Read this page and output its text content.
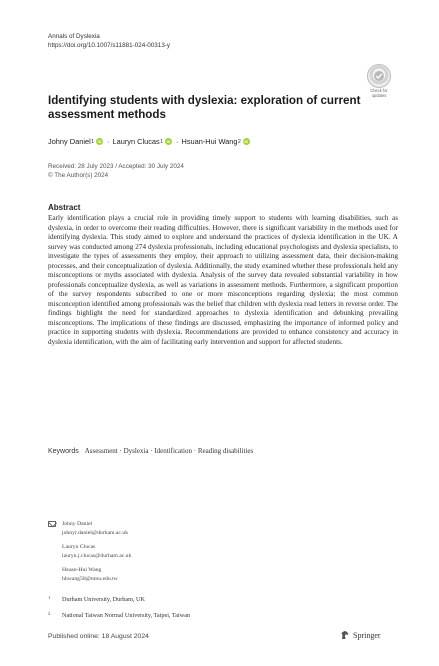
Annals of Dyslexia
https://doi.org/10.1007/s11881-024-00313-y
Check for
updates
Identifying students with dyslexia: exploration of current assessment methods
Johny Daniel 1 iD · Lauryn Clucas 1 iD · Hsuan-Hui Wang 2 iD
Received: 28 July 2023 / Accepted: 30 July 2024
© The Author(s) 2024
Abstract

Early identification plays a crucial role in providing timely support to students with learning disabilities, such as dyslexia, in order to overcome their reading difficulties. However, there is significant variability in the methods used for identifying dyslexia. This study aimed to explore and understand the practices of dyslexia identification in the UK. A survey was conducted among 274 dyslexia professionals, including educational psychologists and dyslexia specialists, to investigate the types of assessments they employ, their approach to utilizing assessment data, their decision-making processes, and their conceptualization of dyslexia. Additionally, the study examined whether these professionals held any misconceptions or myths associated with dyslexia. Analysis of the survey data revealed substantial variability in how professionals conceptualize dyslexia, as well as variations in assessment methods. Furthermore, a significant proportion of the survey respondents subscribed to one or more misconceptions regarding dyslexia; the most common misconception identified among professionals was the belief that children with dyslexia read letters in reverse order. The findings highlight the need for standardized approaches to dyslexia identification and debunking prevailing misconceptions. The implications of these findings are discussed, emphasizing the importance of informed policy and practice in supporting students with dyslexia. Recommendations are provided to enhance consistency and accuracy in dyslexia identification, with the aim of facilitating early intervention and support for affected students.

Keywords Assessment · Dyslexia · Identification · Reading disabilities
Johny Daniel
johnyr.daniel@durham.ac.uk
Lauryn Clucas
lauryn.j.clucas@durham.ac.uk
Hsuan-Hui Wang
hhwang58@ntnu.edu.tw
1 Durham University, Durham, UK
2 National Taiwan Normal University, Taipei, Taiwan
Published online: 18 August 2024	Springer
